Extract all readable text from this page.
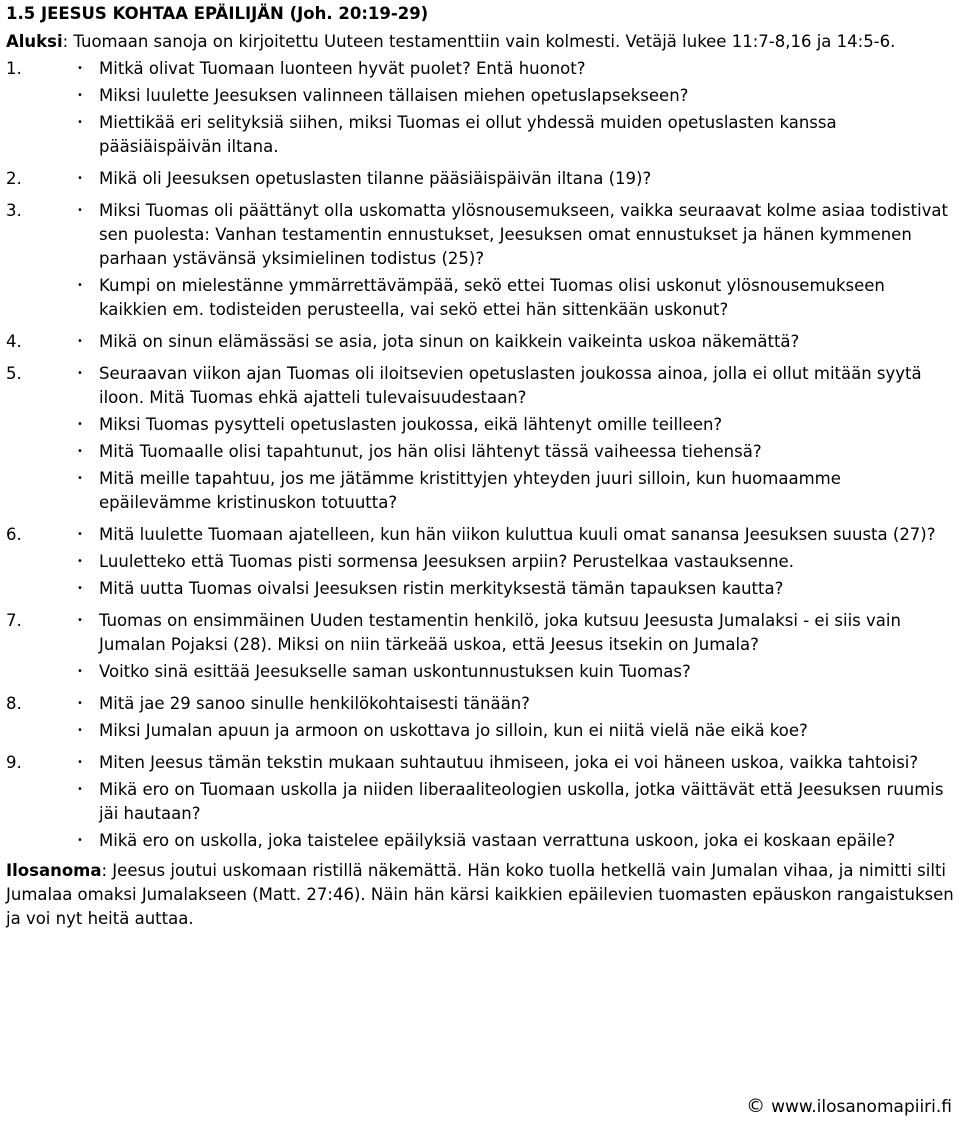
1.5 JEESUS KOHTAA EPÄILIJÄN (Joh. 20:19-29)
Aluksi: Tuomaan sanoja on kirjoitettu Uuteen testamenttiin vain kolmesti. Vetäjä lukee 11:7-8,16 ja 14:5-6.
1.	• Mitkä olivat Tuomaan luonteen hyvät puolet? Entä huonot?
• Miksi luulette Jeesuksen valinneen tällaisen miehen opetuslapsekseen?
• Miettikää eri selityksiä siihen, miksi Tuomas ei ollut yhdessä muiden opetuslasten kanssa pääsiäispäivän iltana.
2.	• Mikä oli Jeesuksen opetuslasten tilanne pääsiäispäivän iltana (19)?
3.	• Miksi Tuomas oli päättänyt olla uskomatta ylösnousemukseen, vaikka seuraavat kolme asiaa todistivat sen puolesta: Vanhan testamentin ennustukset, Jeesuksen omat ennustukset ja hänen kymmenen parhaan ystävänsä yksimielinen todistus (25)?
• Kumpi on mielestänne ymmärrettävämpää, sekö ettei Tuomas olisi uskonut ylösnousemukseen kaikkien em. todisteiden perusteella, vai sekö ettei hän sittenkään uskonut?
4.	• Mikä on sinun elämässäsi se asia, jota sinun on kaikkein vaikeinta uskoa näkemättä?
5.	• Seuraavan viikon ajan Tuomas oli iloitsevien opetuslasten joukossa ainoa, jolla ei ollut mitään syytä iloon. Mitä Tuomas ehkä ajatteli tulevaisuudestaan?
• Miksi Tuomas pysytteli opetuslasten joukossa, eikä lähtenyt omille teilleen?
• Mitä Tuomaalle olisi tapahtunut, jos hän olisi lähtenyt tässä vaiheessa tiehensä?
• Mitä meille tapahtuu, jos me jätämme kristittyjen yhteyden juuri silloin, kun huomaamme epäilevämme kristinuskon totuutta?
6.	• Mitä luulette Tuomaan ajatelleen, kun hän viikon kuluttua kuuli omat sanansa Jeesuksen suusta (27)?
• Luuletteko että Tuomas pisti sormensa Jeesuksen arpiin? Perustelkaa vastauksenne.
• Mitä uutta Tuomas oivalsi Jeesuksen ristin merkityksestä tämän tapauksen kautta?
7.	• Tuomas on ensimmäinen Uuden testamentin henkilö, joka kutsuu Jeesusta Jumalaksi - ei siis vain Jumalan Pojaksi (28). Miksi on niin tärkeää uskoa, että Jeesus itsekin on Jumala?
• Voitko sinä esittää Jeesukselle saman uskontunnustuksen kuin Tuomas?
8.	• Mitä jae 29 sanoo sinulle henkilökohtaisesti tänään?
• Miksi Jumalan apuun ja armoon on uskottava jo silloin, kun ei niitä vielä näe eikä koe?
9.	• Miten Jeesus tämän tekstin mukaan suhtautuu ihmiseen, joka ei voi häneen uskoa, vaikka tahtoisi?
• Mikä ero on Tuomaan uskolla ja niiden liberaaliteologien uskolla, jotka väittävät että Jeesuksen ruumis jäi hautaan?
• Mikä ero on uskolla, joka taistelee epäilyksiä vastaan verrattuna uskoon, joka ei koskaan epäile?
Ilosanoma: Jeesus joutui uskomaan ristillä näkemättä. Hän koko tuolla hetkellä vain Jumalan vihaa, ja nimitti silti Jumalaa omaksi Jumalakseen (Matt. 27:46). Näin hän kärsi kaikkien epäilevien tuomasten epäuskon rangaistuksen ja voi nyt heitä auttaa.
© www.ilosanomapiiri.fi
